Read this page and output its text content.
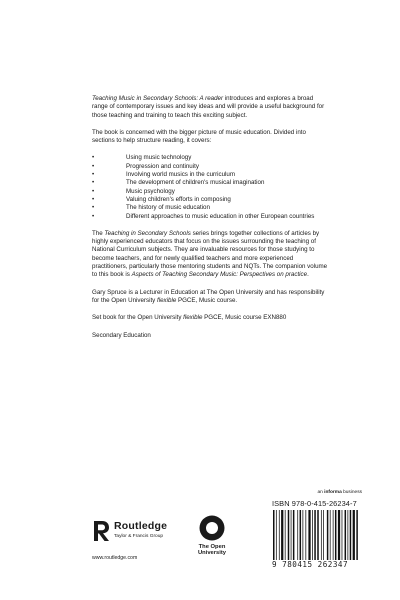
Teaching Music in Secondary Schools: A reader introduces and explores a broad range of contemporary issues and key ideas and will provide a useful background for those teaching and training to teach this exciting subject.

The book is concerned with the bigger picture of music education. Divided into sections to help structure reading, it covers:

• Using music technology
• Progression and continuity
• Involving world musics in the curriculum
• The development of children's musical imagination
• Music psychology
• Valuing children's efforts in composing
• The history of music education
• Different approaches to music education in other European countries

The Teaching in Secondary Schools series brings together collections of articles by highly experienced educators that focus on the issues surrounding the teaching of National Curriculum subjects. They are invaluable resources for those studying to become teachers, and for newly qualified teachers and more experienced practitioners, particularly those mentoring students and NQTs. The companion volume to this book is Aspects of Teaching Secondary Music: Perspectives on practice.

Gary Spruce is a Lecturer in Education at The Open University and has responsibility for the Open University flexible PGCE, Music course.

Set book for the Open University flexible PGCE, Music course EXN880

Secondary Education

Routledge
Taylor & Francis Group
www.routledge.com
The Open
University
an informa business
ISBN 978-0-415-26234-7
9 780415 262347
